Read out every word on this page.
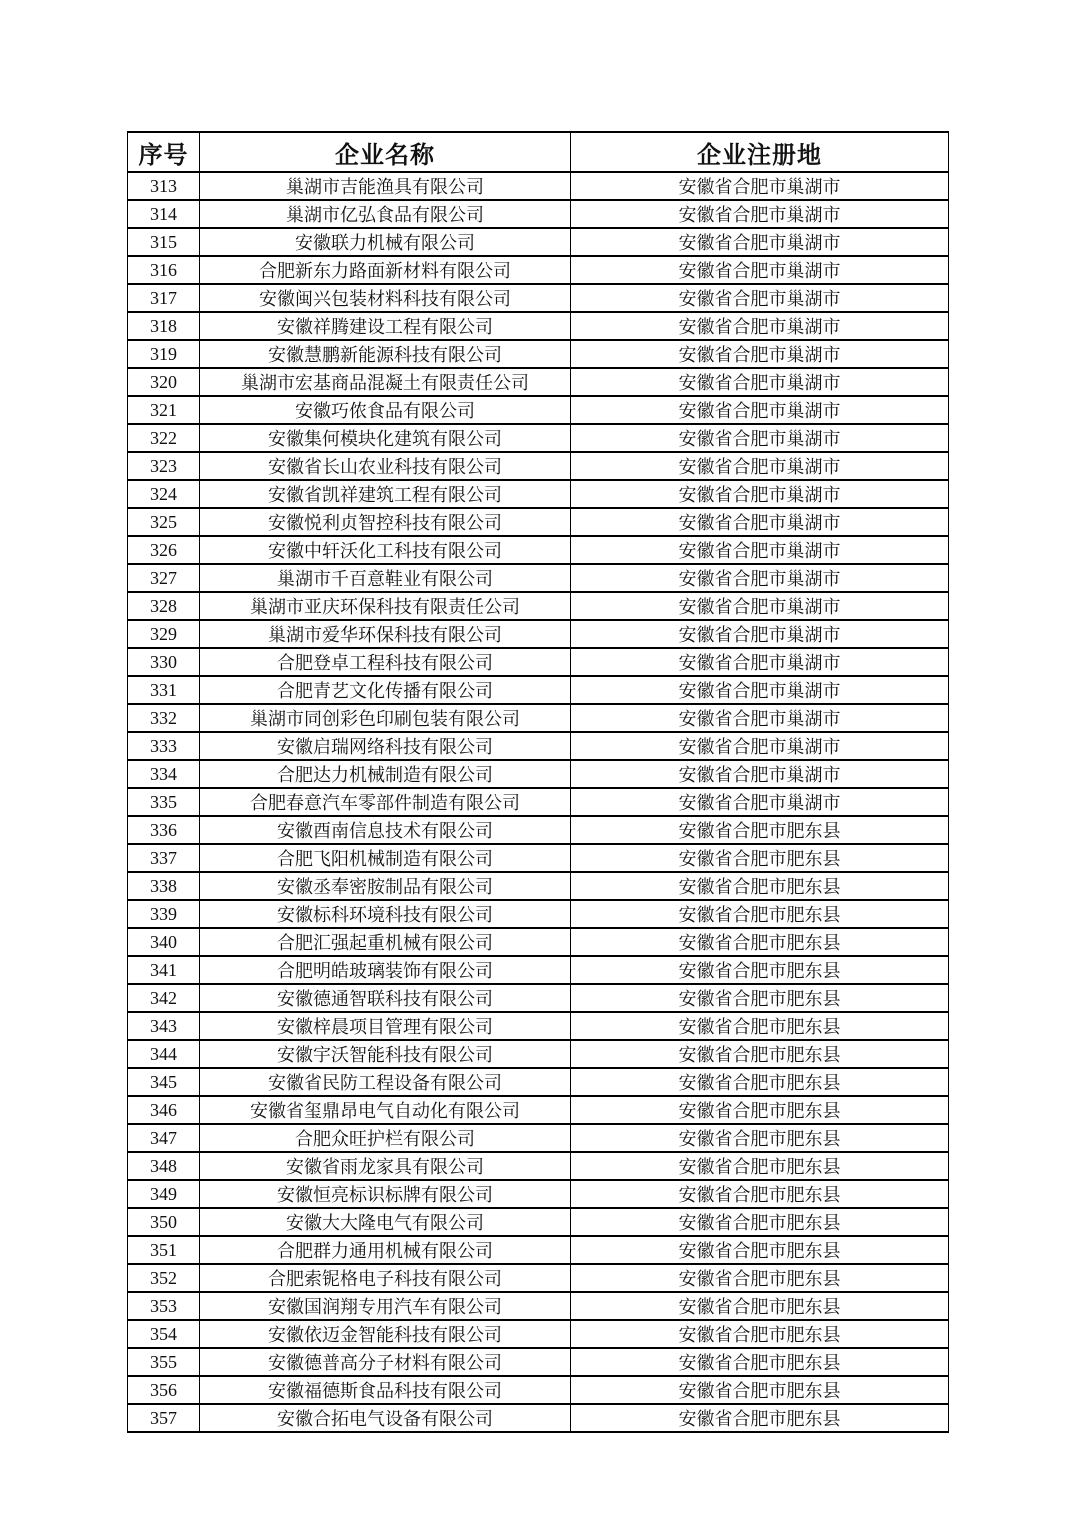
序号	企业名称	企业注册地
313	巢湖市吉能渔具有限公司	安徽省合肥市巢湖市
314	巢湖市亿弘食品有限公司	安徽省合肥市巢湖市
315	安徽联力机械有限公司	安徽省合肥市巢湖市
316	合肥新东力路面新材料有限公司	安徽省合肥市巢湖市
317	安徽闽兴包装材料科技有限公司	安徽省合肥市巢湖市
318	安徽祥腾建设工程有限公司	安徽省合肥市巢湖市
319	安徽慧鹏新能源科技有限公司	安徽省合肥市巢湖市
320	巢湖市宏基商品混凝土有限责任公司	安徽省合肥市巢湖市
321	安徽巧侬食品有限公司	安徽省合肥市巢湖市
322	安徽集何模块化建筑有限公司	安徽省合肥市巢湖市
323	安徽省长山农业科技有限公司	安徽省合肥市巢湖市
324	安徽省凯祥建筑工程有限公司	安徽省合肥市巢湖市
325	安徽悦利贞智控科技有限公司	安徽省合肥市巢湖市
326	安徽中轩沃化工科技有限公司	安徽省合肥市巢湖市
327	巢湖市千百意鞋业有限公司	安徽省合肥市巢湖市
328	巢湖市亚庆环保科技有限责任公司	安徽省合肥市巢湖市
329	巢湖市爱华环保科技有限公司	安徽省合肥市巢湖市
330	合肥登卓工程科技有限公司	安徽省合肥市巢湖市
331	合肥青艺文化传播有限公司	安徽省合肥市巢湖市
332	巢湖市同创彩色印刷包装有限公司	安徽省合肥市巢湖市
333	安徽启瑞网络科技有限公司	安徽省合肥市巢湖市
334	合肥达力机械制造有限公司	安徽省合肥市巢湖市
335	合肥春意汽车零部件制造有限公司	安徽省合肥市巢湖市
336	安徽酉南信息技术有限公司	安徽省合肥市肥东县
337	合肥飞阳机械制造有限公司	安徽省合肥市肥东县
338	安徽丞奉密胺制品有限公司	安徽省合肥市肥东县
339	安徽标科环境科技有限公司	安徽省合肥市肥东县
340	合肥汇强起重机械有限公司	安徽省合肥市肥东县
341	合肥明皓玻璃装饰有限公司	安徽省合肥市肥东县
342	安徽德通智联科技有限公司	安徽省合肥市肥东县
343	安徽梓晨项目管理有限公司	安徽省合肥市肥东县
344	安徽宇沃智能科技有限公司	安徽省合肥市肥东县
345	安徽省民防工程设备有限公司	安徽省合肥市肥东县
346	安徽省玺鼎昂电气自动化有限公司	安徽省合肥市肥东县
347	合肥众旺护栏有限公司	安徽省合肥市肥东县
348	安徽省雨龙家具有限公司	安徽省合肥市肥东县
349	安徽恒亮标识标牌有限公司	安徽省合肥市肥东县
350	安徽大大隆电气有限公司	安徽省合肥市肥东县
351	合肥群力通用机械有限公司	安徽省合肥市肥东县
352	合肥索铌格电子科技有限公司	安徽省合肥市肥东县
353	安徽国润翔专用汽车有限公司	安徽省合肥市肥东县
354	安徽依迈金智能科技有限公司	安徽省合肥市肥东县
355	安徽德普高分子材料有限公司	安徽省合肥市肥东县
356	安徽福德斯食品科技有限公司	安徽省合肥市肥东县
357	安徽合拓电气设备有限公司	安徽省合肥市肥东县
